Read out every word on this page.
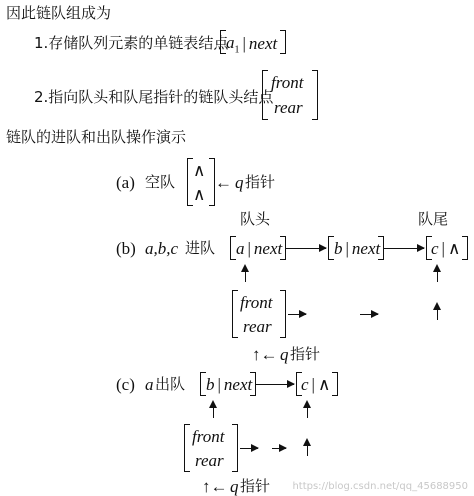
因此链队组成为
1.存储队列元素的单链表结点
$a_1$ | next
2.指向队头和队尾指针的链队头结点
front
rear
链队的进队和出队操作演示
(a) 空队
∧
∧
← q 指针
队头	队尾
(b) a,b,c 进队 a | next	b | next	c | ∧
front
rear
↑← q 指针
(c) a 出队 b | next	c | ∧
front
rear
↑← q 指针 https://blog.csdn.net/qq_45688950
